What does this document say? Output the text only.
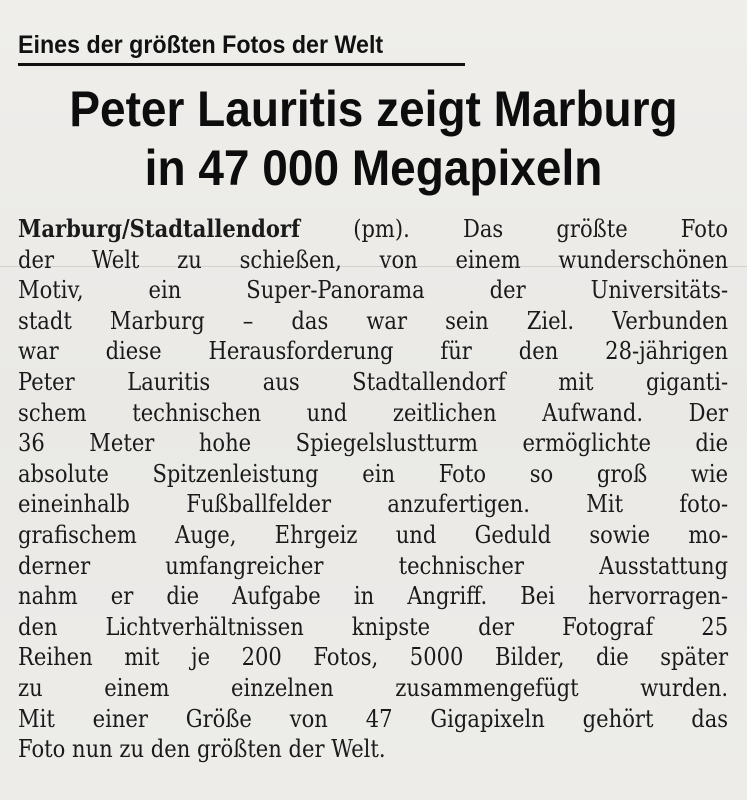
Eines der größten Fotos der Welt
Peter Lauritis zeigt Marburg
in 47 000 Megapixeln
Marburg/Stadtallendorf (pm). Das größte Foto
der Welt zu schießen, von einem wunderschönen
Motiv, ein Super-Panorama der Universitäts-
stadt Marburg – das war sein Ziel. Verbunden
war diese Herausforderung für den 28-jährigen
Peter Lauritis aus Stadtallendorf mit giganti-
schem technischen und zeitlichen Aufwand. Der
36 Meter hohe Spiegelslustturm ermöglichte die
absolute Spitzenleistung ein Foto so groß wie
eineinhalb Fußballfelder anzufertigen. Mit foto-
grafischem Auge, Ehrgeiz und Geduld sowie mo-
derner umfangreicher technischer Ausstattung
nahm er die Aufgabe in Angriff. Bei hervorragen-
den Lichtverhältnissen knipste der Fotograf 25
Reihen mit je 200 Fotos, 5000 Bilder, die später
zu einem einzelnen zusammengefügt wurden.
Mit einer Größe von 47 Gigapixeln gehört das
Foto nun zu den größten der Welt.
